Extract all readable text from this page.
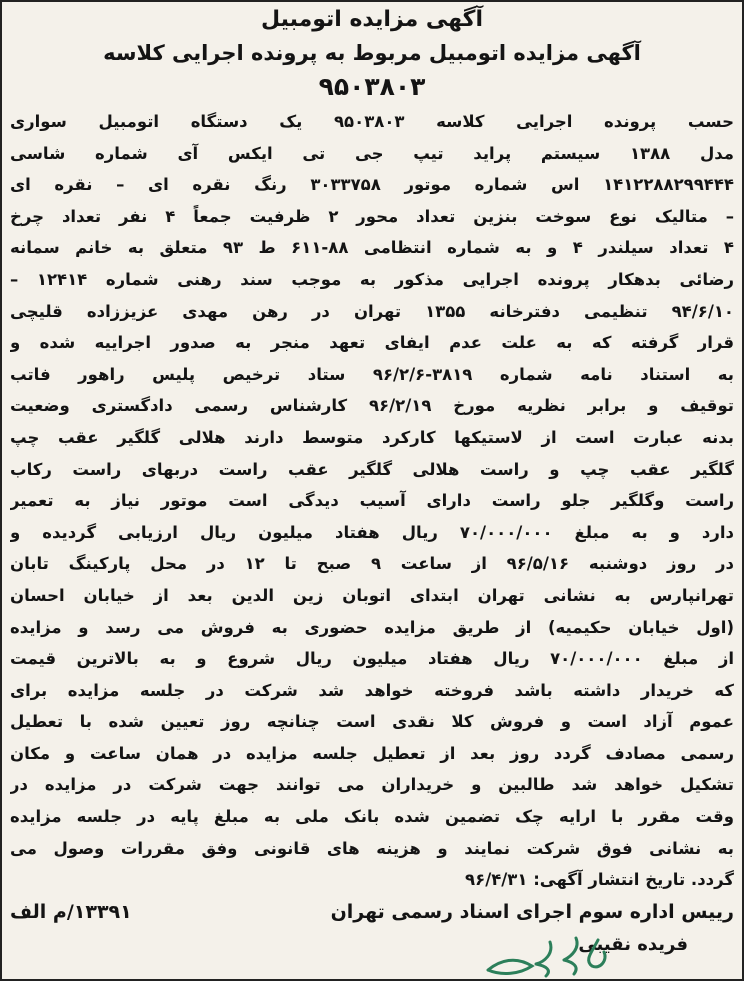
آگهی مزایده اتومبیل
آگهی مزایده اتومبیل مربوط به پرونده اجرایی کلاسه
۹۵۰۳۸۰۳
حسب پرونده اجرایی کلاسه ۹۵۰۳۸۰۳ یک دستگاه اتومبیل سواری
مدل ۱۳۸۸ سیستم پراید تیپ جی تی ایکس آی شماره شاسی
۱۴۱۲۲۸۸۲۹۹۴۴۴ اس شماره موتور ۳۰۳۳۷۵۸ رنگ نقره ای – نقره ای
– متالیک نوع سوخت بنزین تعداد محور ۲ ظرفیت جمعاً ۴ نفر تعداد چرخ
۴ تعداد سیلندر ۴ و به شماره انتظامی ۸۸-۶۱۱ ط ۹۳ متعلق به خانم سمانه
رضائی بدهکار پرونده اجرایی مذکور به موجب سند رهنی شماره ۱۲۴۱۴ –
۹۴/۶/۱۰ تنظیمی دفترخانه ۱۳۵۵ تهران در رهن مهدی عزیززاده قلیچی
قرار گرفته که به علت عدم ایفای تعهد منجر به صدور اجراییه شده و
به استناد نامه شماره ۳۸۱۹-۹۶/۲/۶ ستاد ترخیص پلیس راهور فاتب
توقیف و برابر نظریه مورخ ۹۶/۲/۱۹ کارشناس رسمی دادگستری وضعیت
بدنه عبارت است از لاستیکها کارکرد متوسط دارند هلالی گلگیر عقب چپ
گلگیر عقب چپ و راست هلالی گلگیر عقب راست دربهای راست رکاب
راست وگلگیر جلو راست دارای آسیب دیدگی است موتور نیاز به تعمیر
دارد و به مبلغ ۷۰/۰۰۰/۰۰۰ ریال هفتاد میلیون ریال ارزیابی گردیده و
در روز دوشنبه ۹۶/۵/۱۶ از ساعت ۹ صبح تا ۱۲ در محل پارکینگ تابان
تهرانپارس به نشانی تهران ابتدای اتوبان زین الدین بعد از خیابان احسان
(اول خیابان حکیمیه) از طریق مزایده حضوری به فروش می رسد و مزایده
از مبلغ ۷۰/۰۰۰/۰۰۰ ریال هفتاد میلیون ریال شروع و به بالاترین قیمت
که خریدار داشته باشد فروخته خواهد شد شرکت در جلسه مزایده برای
عموم آزاد است و فروش کلا نقدی است چنانچه روز تعیین شده با تعطیل
رسمی مصادف گردد روز بعد از تعطیل جلسه مزایده در همان ساعت و مکان
تشکیل خواهد شد طالبین و خریداران می توانند جهت شرکت در مزایده در
وقت مقرر با ارایه چک تضمین شده بانک ملی به مبلغ پایه در جلسه مزایده
به نشانی فوق شرکت نمایند و هزینه های قانونی وفق مقررات وصول می
گردد. تاریخ انتشار آگهی: ۹۶/۴/۳۱
رییس اداره سوم اجرای اسناد رسمی تهران
۱۳۳۹۱/م الف
فریده نقیبی
